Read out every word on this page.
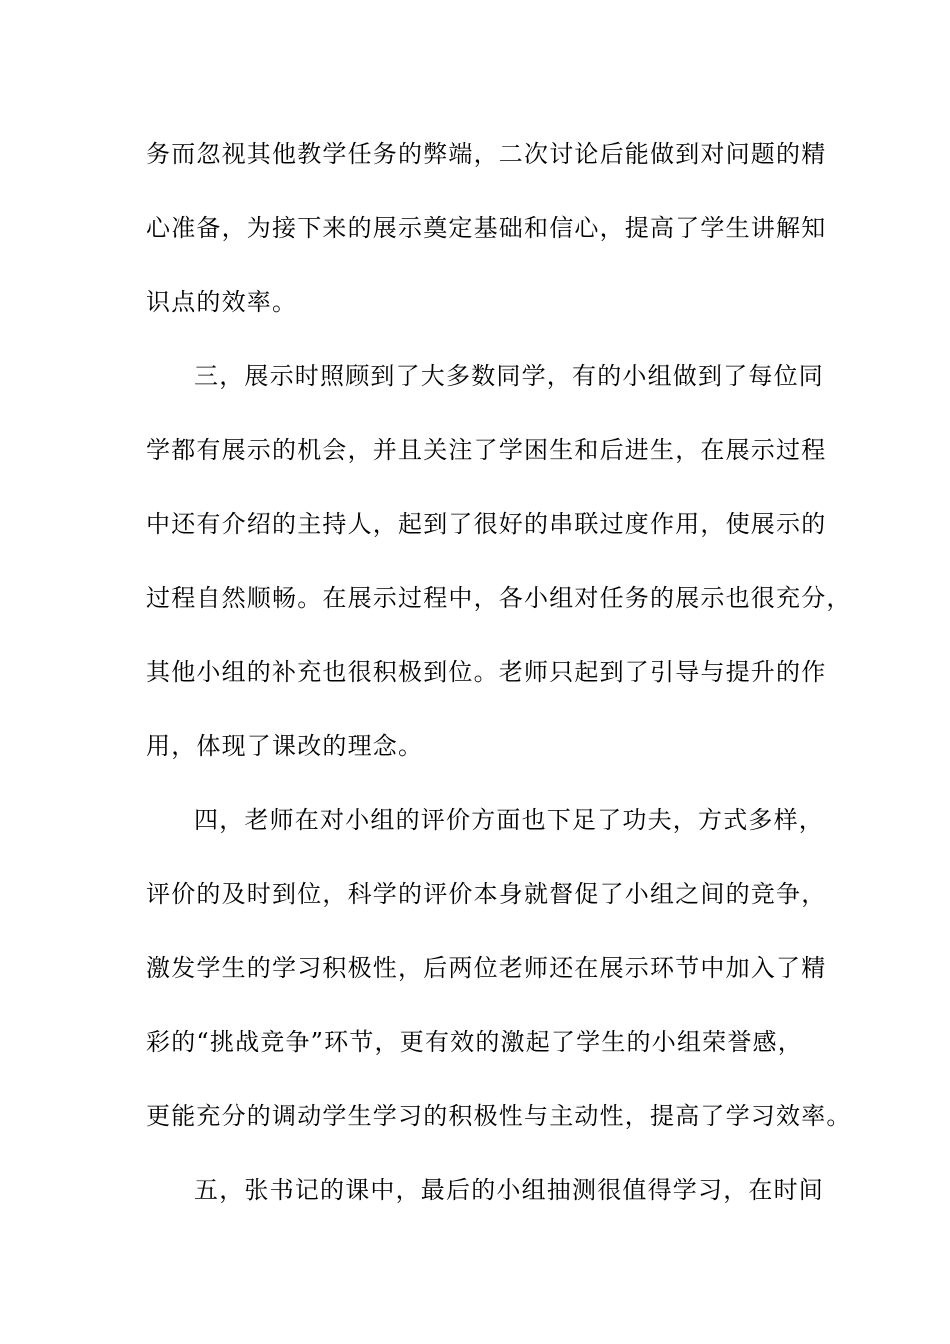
务而忽视其他教学任务的弊端，二次讨论后能做到对问题的精
心准备，为接下来的展示奠定基础和信心，提高了学生讲解知
识点的效率。
三，展示时照顾到了大多数同学，有的小组做到了每位同
学都有展示的机会，并且关注了学困生和后进生，在展示过程
中还有介绍的主持人，起到了很好的串联过度作用，使展示的
过程自然顺畅。在展示过程中，各小组对任务的展示也很充分，
其他小组的补充也很积极到位。老师只起到了引导与提升的作
用，体现了课改的理念。
四，老师在对小组的评价方面也下足了功夫，方式多样，
评价的及时到位，科学的评价本身就督促了小组之间的竞争，
激发学生的学习积极性，后两位老师还在展示环节中加入了精
彩的“挑战竞争”环节，更有效的激起了学生的小组荣誉感，
更能充分的调动学生学习的积极性与主动性，提高了学习效率。
五，张书记的课中，最后的小组抽测很值得学习，在时间
